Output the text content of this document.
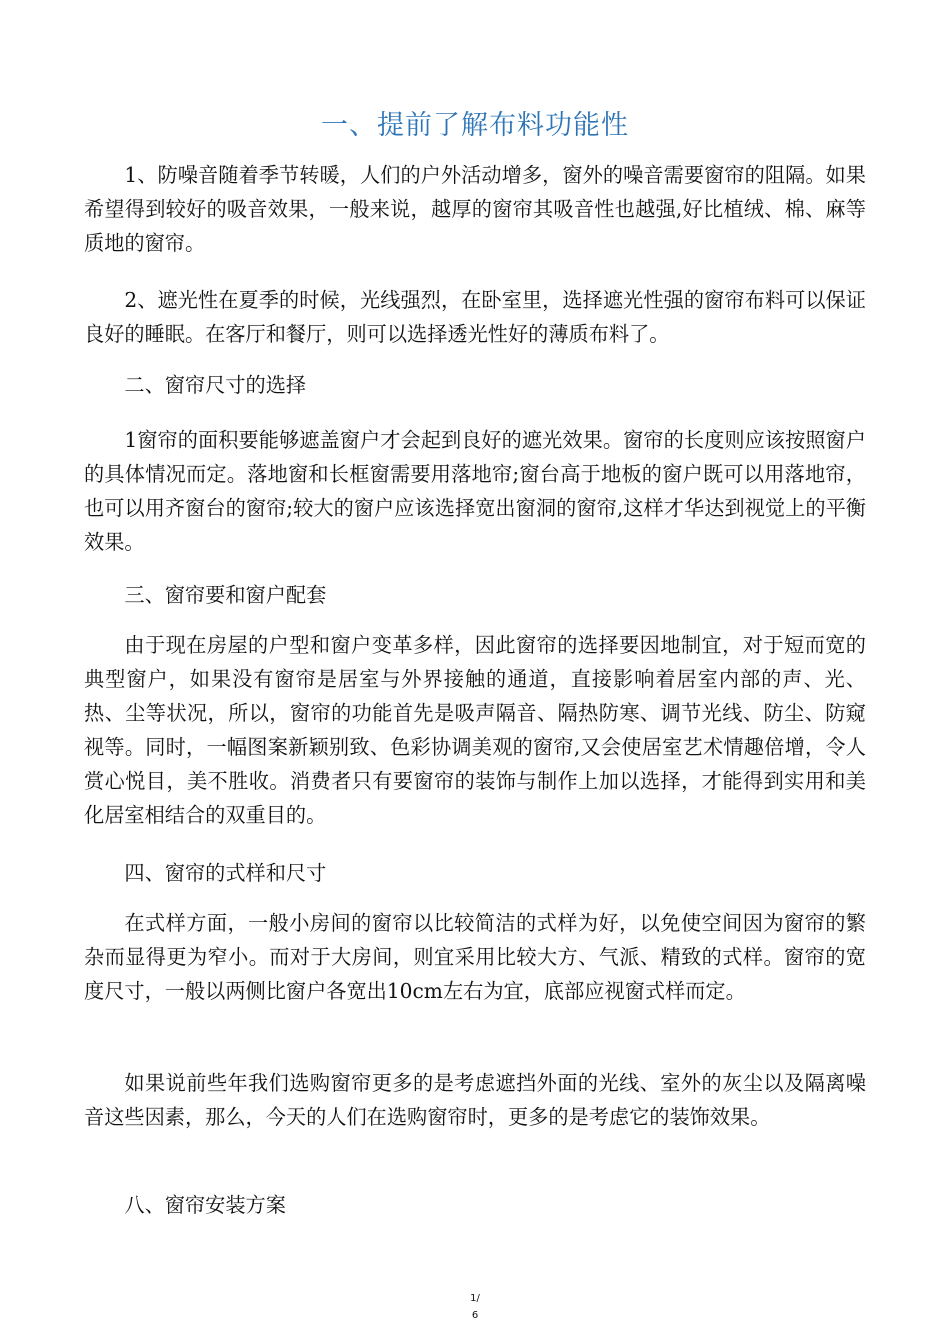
一、提前了解布料功能性

1、防噪音随着季节转暖，人们的户外活动增多，窗外的噪音需要窗帘的阻隔。如果希望得到较好的吸音效果，一般来说，越厚的窗帘其吸音性也越强,好比植绒、棉、麻等质地的窗帘。

2、遮光性在夏季的时候，光线强烈，在卧室里，选择遮光性强的窗帘布料可以保证良好的睡眠。在客厅和餐厅，则可以选择透光性好的薄质布料了。

二、窗帘尺寸的选择

1窗帘的面积要能够遮盖窗户才会起到良好的遮光效果。窗帘的长度则应该按照窗户的具体情况而定。落地窗和长框窗需要用落地帘;窗台高于地板的窗户既可以用落地帘，也可以用齐窗台的窗帘;较大的窗户应该选择宽出窗洞的窗帘,这样才华达到视觉上的平衡效果。

三、窗帘要和窗户配套

由于现在房屋的户型和窗户变革多样，因此窗帘的选择要因地制宜，对于短而宽的典型窗户，如果没有窗帘是居室与外界接触的通道，直接影响着居室内部的声、光、热、尘等状况，所以，窗帘的功能首先是吸声隔音、隔热防寒、调节光线、防尘、防窥视等。同时，一幅图案新颖别致、色彩协调美观的窗帘,又会使居室艺术情趣倍增，令人赏心悦目，美不胜收。消费者只有要窗帘的装饰与制作上加以选择，才能得到实用和美化居室相结合的双重目的。

四、窗帘的式样和尺寸

在式样方面，一般小房间的窗帘以比较简洁的式样为好，以免使空间因为窗帘的繁杂而显得更为窄小。而对于大房间，则宜采用比较大方、气派、精致的式样。窗帘的宽度尺寸，一般以两侧比窗户各宽出10cm左右为宜，底部应视窗式样而定。

如果说前些年我们选购窗帘更多的是考虑遮挡外面的光线、室外的灰尘以及隔离噪音这些因素，那么，今天的人们在选购窗帘时，更多的是考虑它的装饰效果。

八、窗帘安装方案

1/
6
